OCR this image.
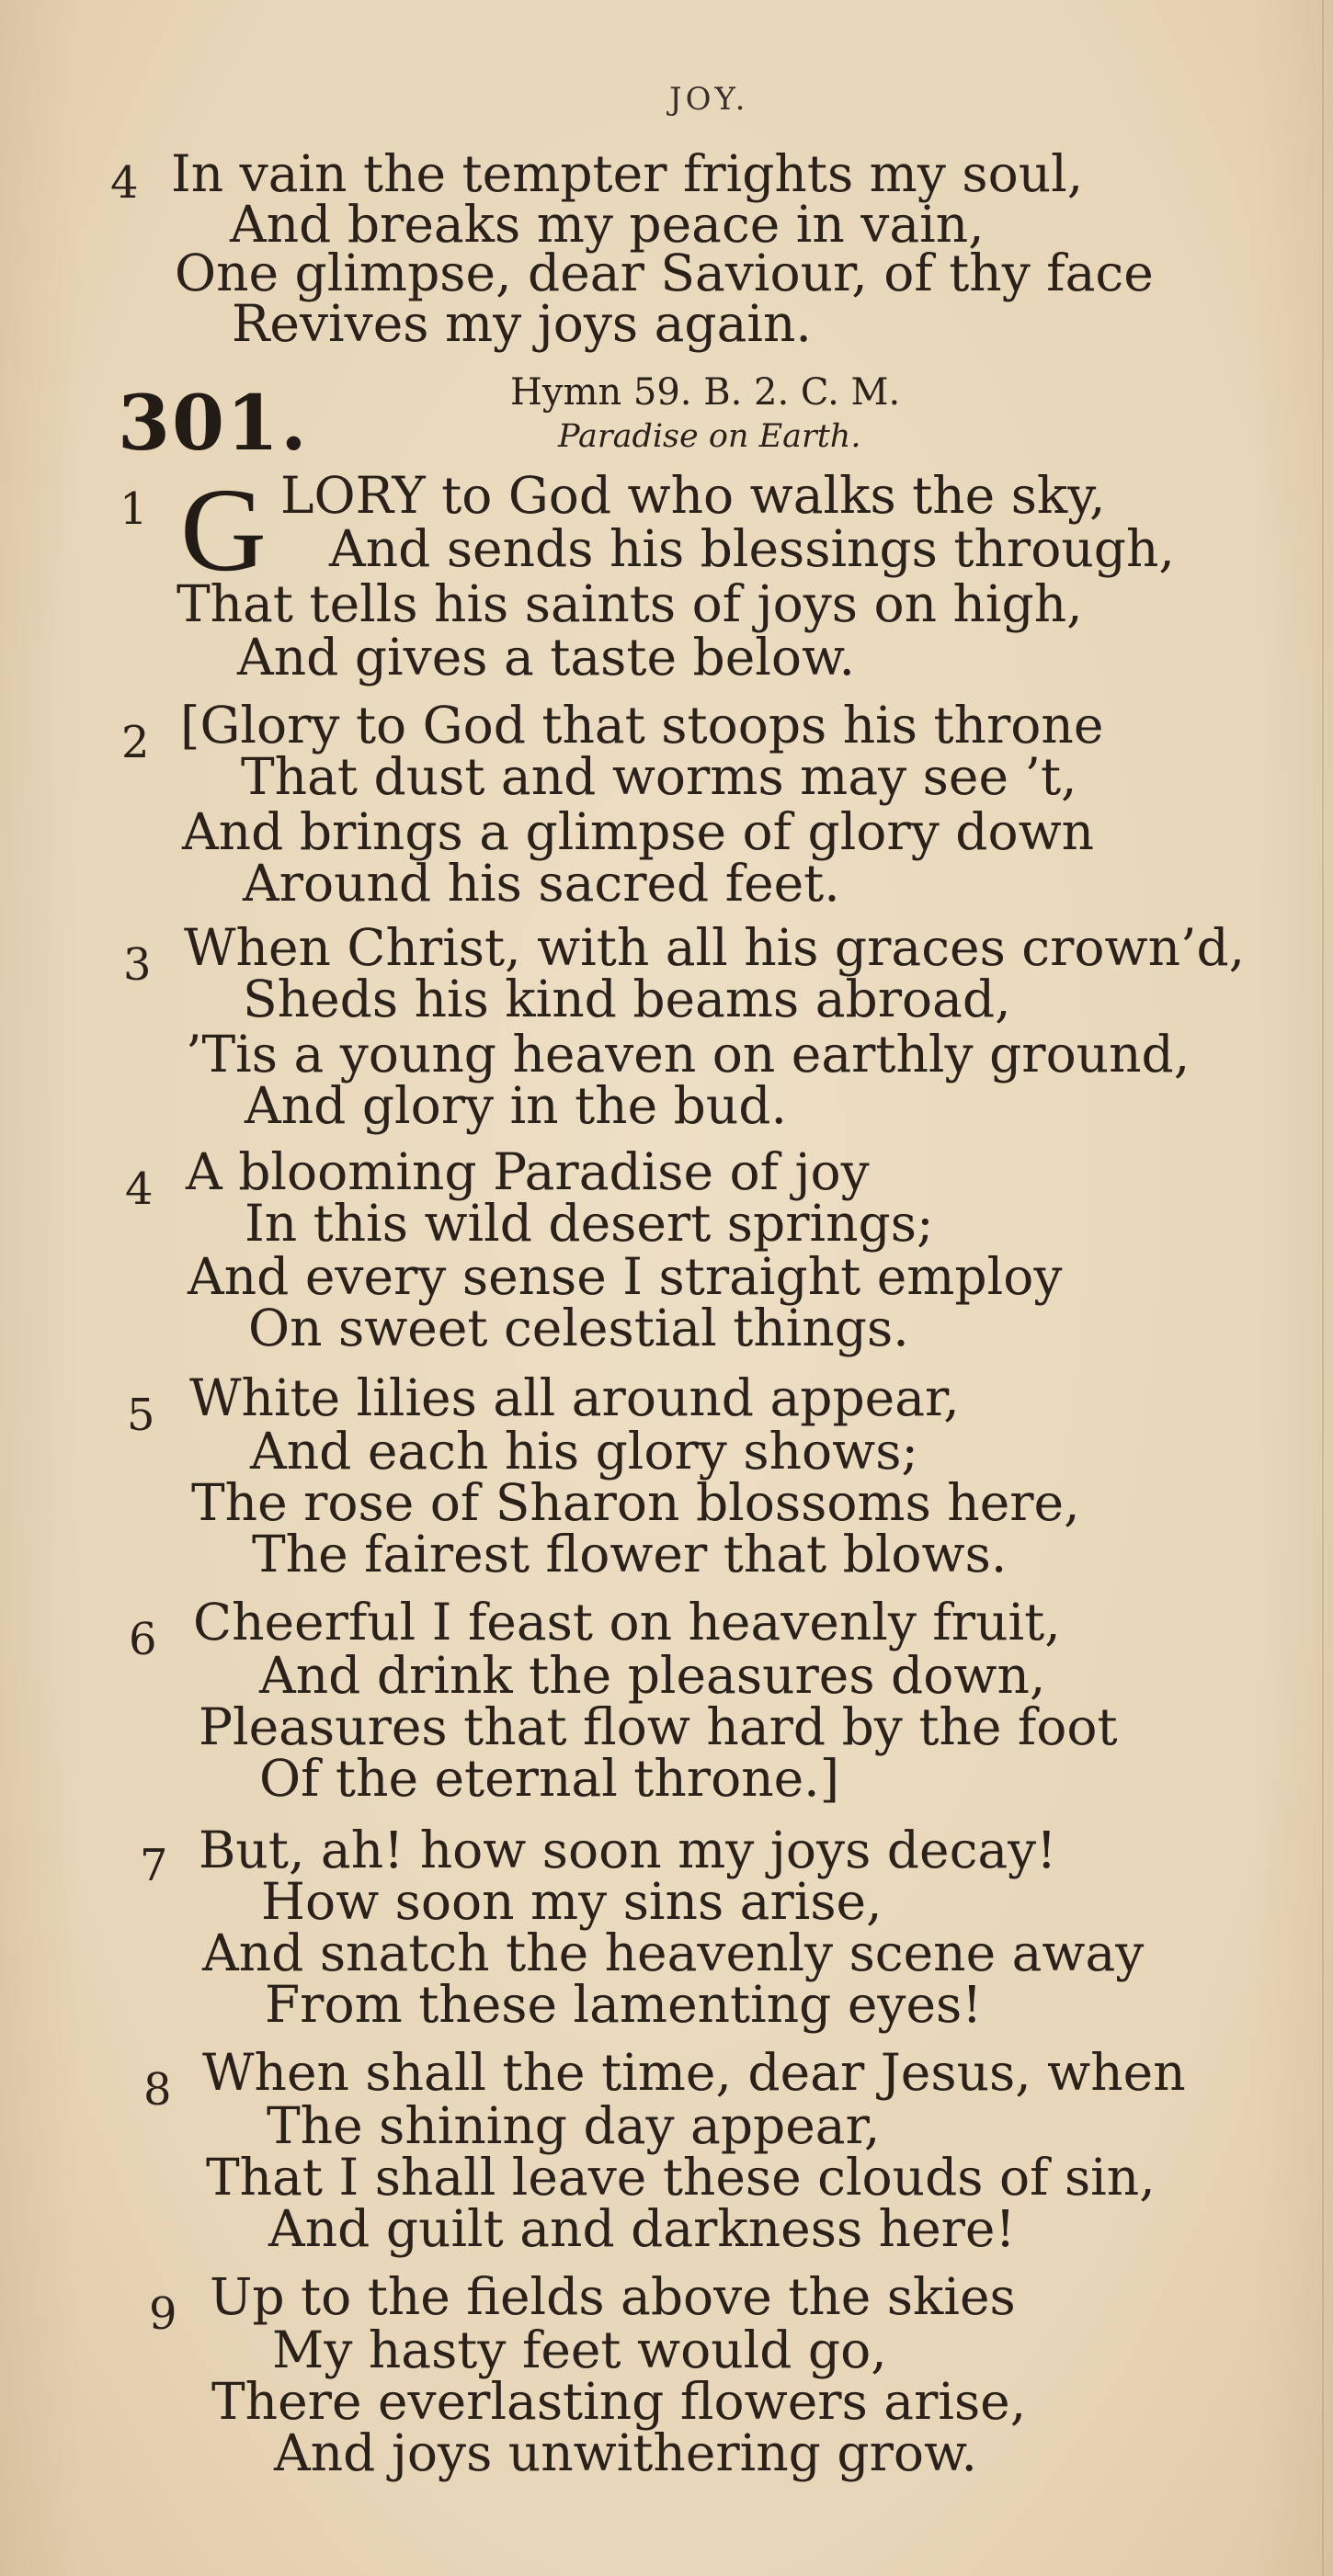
JOY.
4 In vain the tempter frights my soul,
And breaks my peace in vain,
One glimpse, dear Saviour, of thy face
Revives my joys again.
301.	Hymn 59. B. 2. C. M.
Paradise on Earth.
1 G LORY to God who walks the sky,
And sends his blessings through,
That tells his saints of joys on high,
And gives a taste below.
2 [Glory to God that stoops his throne
That dust and worms may see ’t,
And brings a glimpse of glory down
Around his sacred feet.
3 When Christ, with all his graces crown’d,
Sheds his kind beams abroad,
’Tis a young heaven on earthly ground,
And glory in the bud.
4 A blooming Paradise of joy
In this wild desert springs;
And every sense I straight employ
On sweet celestial things.
5 White lilies all around appear,
And each his glory shows;
The rose of Sharon blossoms here,
The fairest flower that blows.
6 Cheerful I feast on heavenly fruit,
And drink the pleasures down,
Pleasures that flow hard by the foot
Of the eternal throne.]
7 But, ah! how soon my joys decay!
How soon my sins arise,
And snatch the heavenly scene away
From these lamenting eyes!
8 When shall the time, dear Jesus, when
The shining day appear,
That I shall leave these clouds of sin,
And guilt and darkness here!
9 Up to the fields above the skies
My hasty feet would go,
There everlasting flowers arise,
And joys unwithering grow.
